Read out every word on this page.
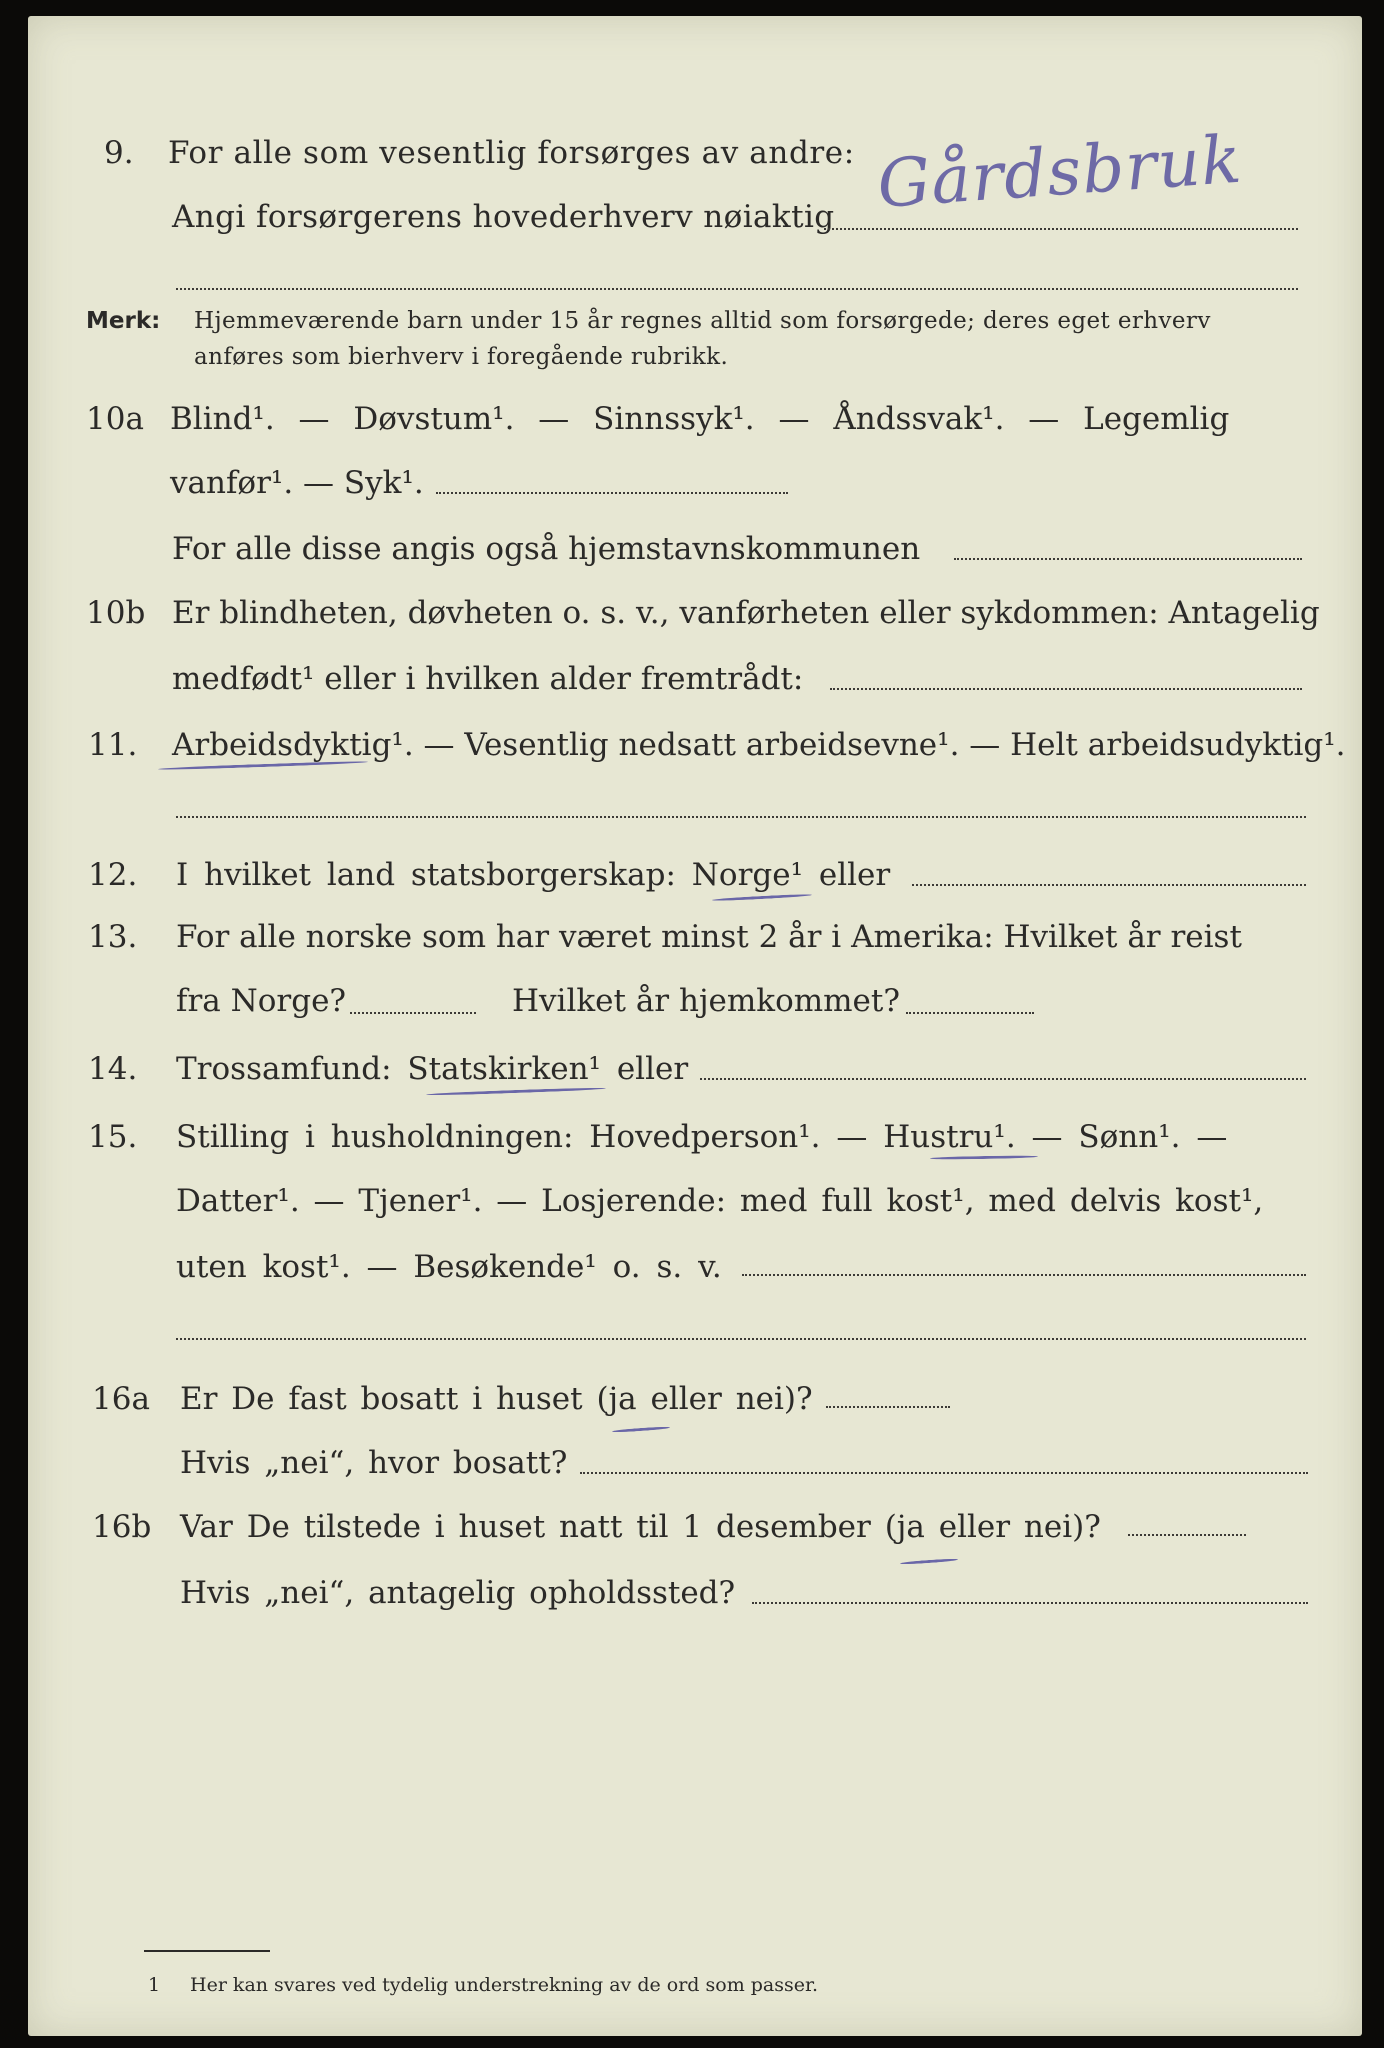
9. For alle som vesentlig forsørges av andre:
Angi forsørgerens hovederhverv nøiaktig Gårdsbruk
Merk: Hjemmeværende barn under 15 år regnes alltid som forsørgede; deres eget erhverv
anføres som bierhverv i foregående rubrikk.
10a Blind¹. — Døvstum¹. — Sinnssyk¹. — Åndssvak¹. — Legemlig
vanfør¹. — Syk¹.
For alle disse angis også hjemstavnskommunen
10b Er blindheten, døvheten o. s. v., vanførheten eller sykdommen: Antagelig
medfødt¹ eller i hvilken alder fremtrådt:
11. Arbeidsdyktig¹. — Vesentlig nedsatt arbeidsevne¹. — Helt arbeidsudyktig¹.
12. I hvilket land statsborgerskap: Norge¹ eller
13. For alle norske som har været minst 2 år i Amerika: Hvilket år reist
fra Norge?	Hvilket år hjemkommet?
14. Trossamfund: Statskirken¹ eller
15. Stilling i husholdningen: Hovedperson¹. — Hustru¹. — Sønn¹. —
Datter¹. — Tjener¹. — Losjerende: med full kost¹, med delvis kost¹,
uten kost¹. — Besøkende¹ o. s. v.
16a Er De fast bosatt i huset (ja eller nei)?
Hvis „nei“, hvor bosatt?
16b Var De tilstede i huset natt til 1 desember (ja eller nei)?
Hvis „nei“, antagelig opholdssted?
1 Her kan svares ved tydelig understrekning av de ord som passer.
